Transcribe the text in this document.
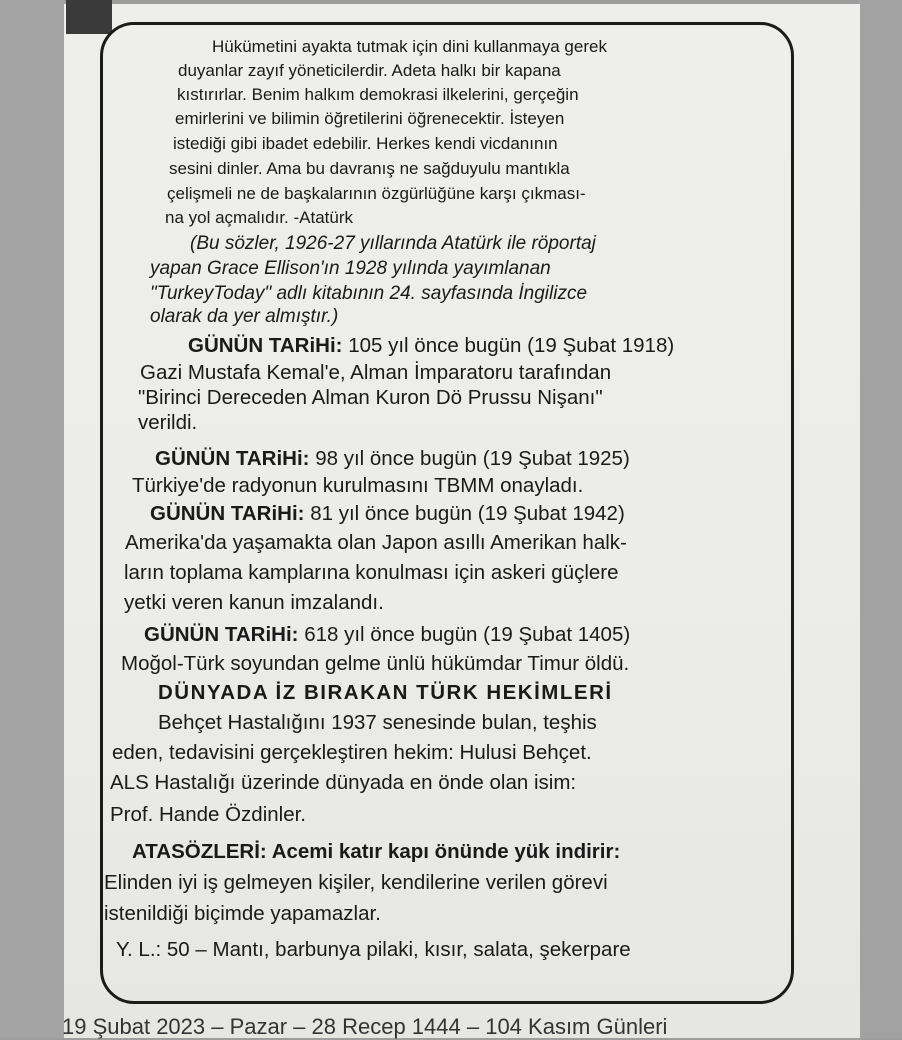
Hükümetini ayakta tutmak için dini kullanmaya gerek
duyanlar zayıf yöneticilerdir. Adeta halkı bir kapana
kıstırırlar. Benim halkım demokrasi ilkelerini, gerçeğin
emirlerini ve bilimin öğretilerini öğrenecektir. İsteyen
istediği gibi ibadet edebilir. Herkes kendi vicdanının
sesini dinler. Ama bu davranış ne sağduyulu mantıkla
çelişmeli ne de başkalarının özgürlüğüne karşı çıkması-
na yol açmalıdır. -Atatürk
(Bu sözler, 1926-27 yıllarında Atatürk ile röportaj
yapan Grace Ellison'ın 1928 yılında yayımlanan
"TurkeyToday" adlı kitabının 24. sayfasında İngilizce
olarak da yer almıştır.)
GÜNÜN TARiHi: 105 yıl önce bugün (19 Şubat 1918)
Gazi Mustafa Kemal'e, Alman İmparatoru tarafından
"Birinci Dereceden Alman Kuron Dö Prussu Nişanı"
verildi.
GÜNÜN TARiHi: 98 yıl önce bugün (19 Şubat 1925)
Türkiye'de radyonun kurulmasını TBMM onayladı.
GÜNÜN TARiHi: 81 yıl önce bugün (19 Şubat 1942)
Amerika'da yaşamakta olan Japon asıllı Amerikan halk-
ların toplama kamplarına konulması için askeri güçlere
yetki veren kanun imzalandı.
GÜNÜN TARiHi: 618 yıl önce bugün (19 Şubat 1405)
Moğol-Türk soyundan gelme ünlü hükümdar Timur öldü.
DÜNYADA İZ BIRAKAN TÜRK HEKİMLERİ
Behçet Hastalığını 1937 senesinde bulan, teşhis
eden, tedavisini gerçekleştiren hekim: Hulusi Behçet.
ALS Hastalığı üzerinde dünyada en önde olan isim:
Prof. Hande Özdinler.
ATASÖZLERİ: Acemi katır kapı önünde yük indirir:
Elinden iyi iş gelmeyen kişiler, kendilerine verilen görevi
istenildiği biçimde yapamazlar.
Y. L.: 50 – Mantı, barbunya pilaki, kısır, salata, şekerpare
19 Şubat 2023 – Pazar – 28 Recep 1444 – 104 Kasım Günleri
